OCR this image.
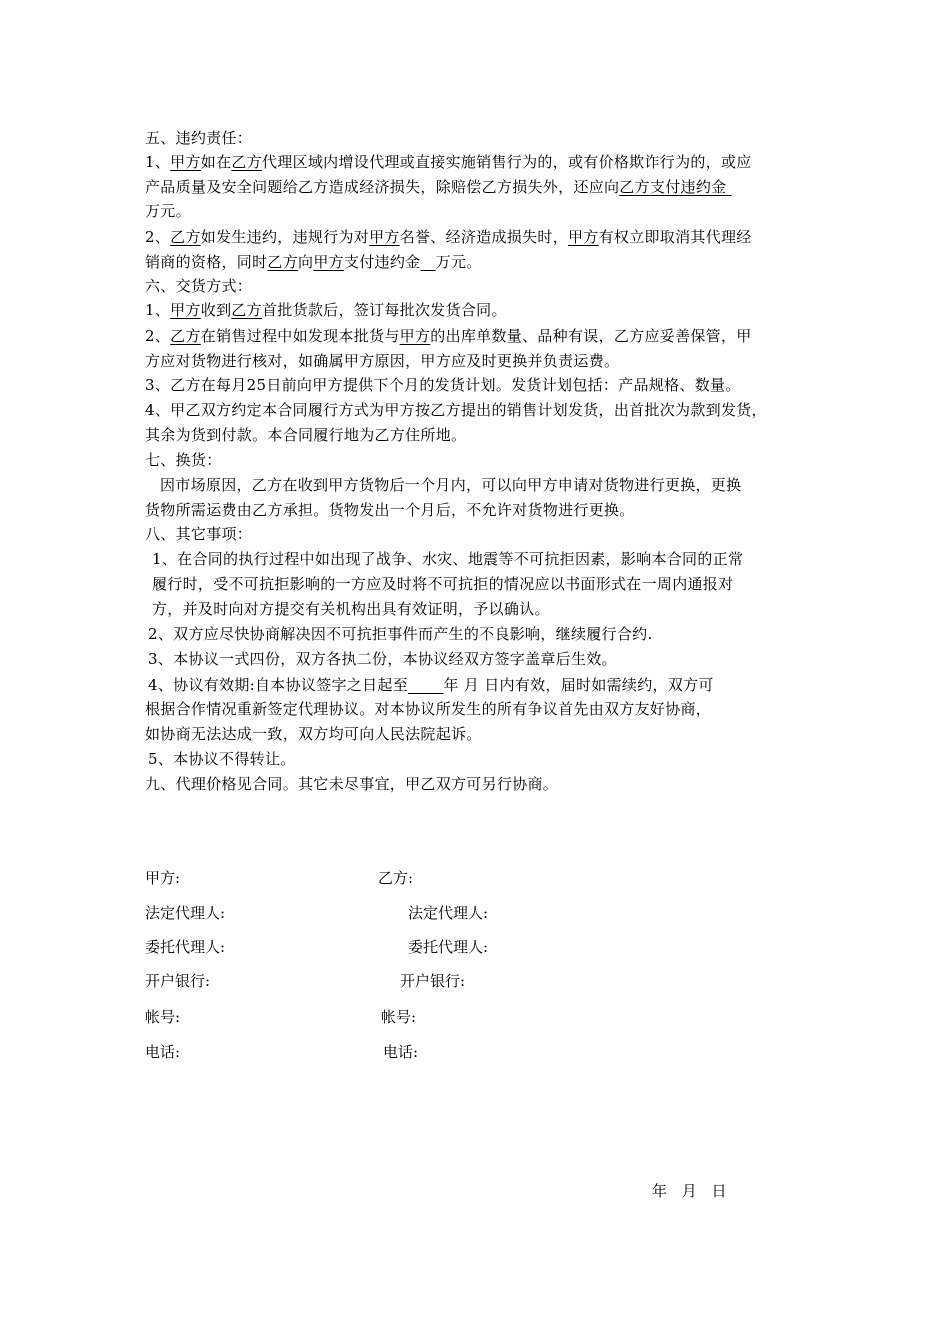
五、违约责任：
1、甲方如在乙方代理区域内增设代理或直接实施销售行为的，或有价格欺诈行为的，或应
产品质量及安全问题给乙方造成经济损失，除赔偿乙方损失外，还应向乙方支付违约金
万元。
2、乙方如发生违约，违规行为对甲方名誉、经济造成损失时，甲方有权立即取消其代理经
销商的资格，同时乙方向甲方支付违约金 万元。
六、交货方式：
1、甲方收到乙方首批货款后，签订每批次发货合同。
2、乙方在销售过程中如发现本批货与甲方的出库单数量、品种有误，乙方应妥善保管，甲
方应对货物进行核对，如确属甲方原因，甲方应及时更换并负责运费。
3、乙方在每月25日前向甲方提供下个月的发货计划。发货计划包括：产品规格、数量。
4、甲乙双方约定本合同履行方式为甲方按乙方提出的销售计划发货，出首批次为款到发货，
其余为货到付款。本合同履行地为乙方住所地。
七、换货：
因市场原因，乙方在收到甲方货物后一个月内，可以向甲方申请对货物进行更换，更换
货物所需运费由乙方承担。货物发出一个月后，不允许对货物进行更换。
八、其它事项：
1、在合同的执行过程中如出现了战争、水灾、地震等不可抗拒因素，影响本合同的正常
履行时，受不可抗拒影响的一方应及时将不可抗拒的情况应以书面形式在一周内通报对
方，并及时向对方提交有关机构出具有效证明，予以确认。
2、双方应尽快协商解决因不可抗拒事件而产生的不良影响，继续履行合约.
3、本协议一式四份，双方各执二份，本协议经双方签字盖章后生效。
4、协议有效期:自本协议签字之日起至 年 月 日内有效，届时如需续约，双方可
根据合作情况重新签定代理协议。对本协议所发生的所有争议首先由双方友好协商，
如协商无法达成一致，双方均可向人民法院起诉。
5、本协议不得转让。
九、代理价格见合同。其它未尽事宜，甲乙双方可另行协商。
甲方:	乙方:
法定代理人:	法定代理人:
委托代理人:	委托代理人:
开户银行:	开户银行:
帐号:	帐号:
电话:	电话:
年 月 日
